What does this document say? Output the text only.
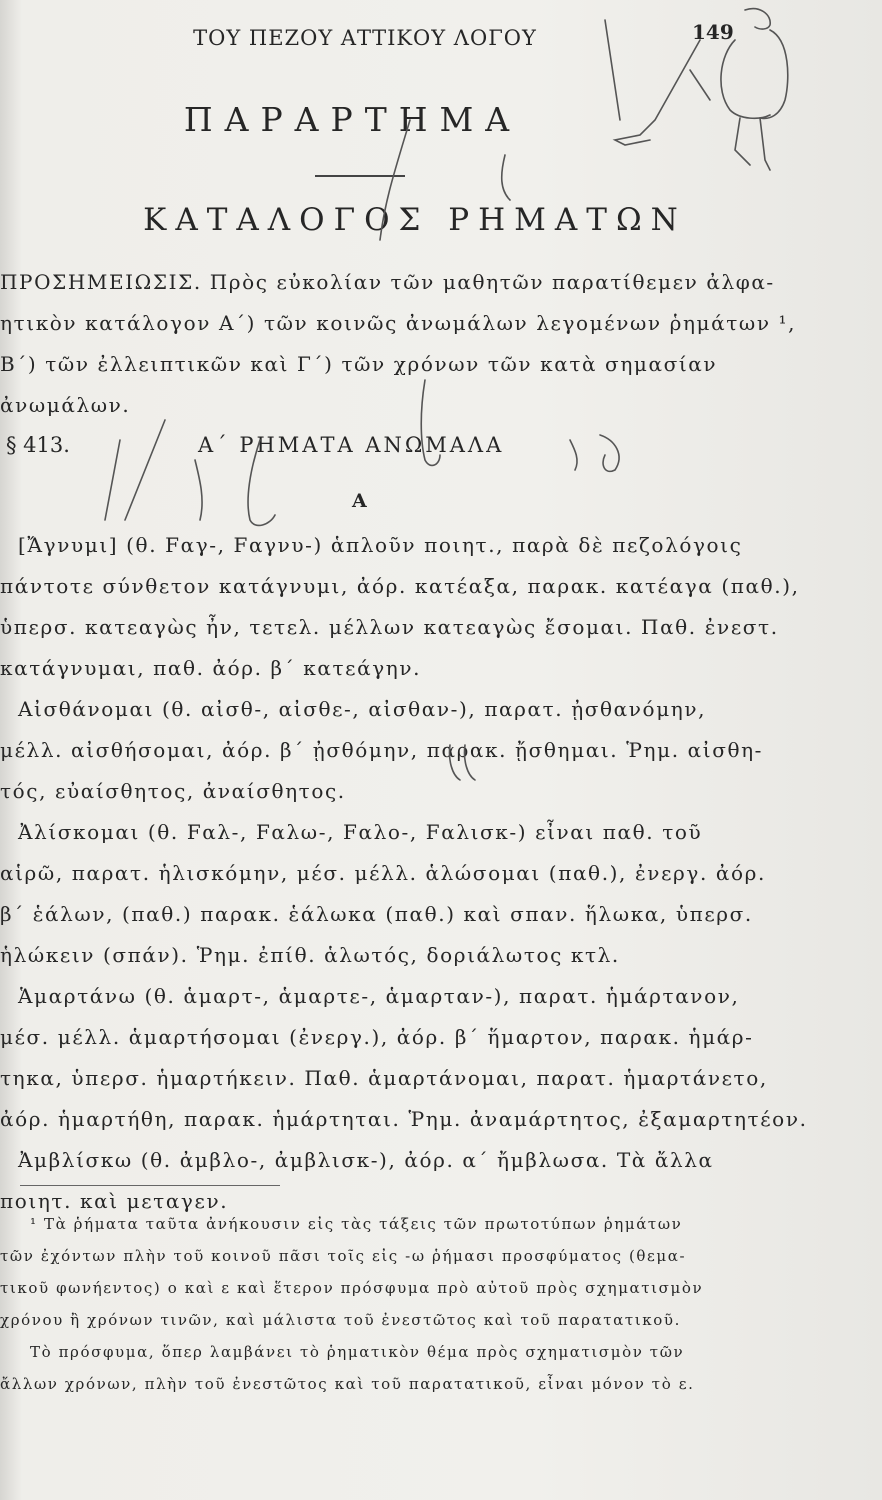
ΤΟΥ ΠΕΖΟΥ ΑΤΤΙΚΟΥ ΛΟΓΟΥ	149
ΠΑΡΑΡΤΗΜΑ
ΚΑΤΑΛΟΓΟΣ ΡΗΜΑΤΩΝ

ΠΡΟΣΗΜΕΙΩΣΙΣ. Πρὸς εὐκολίαν τῶν μαθητῶν παρατίθεμεν ἀλφα-

ητικὸν κατάλογον Α΄) τῶν κοινῶς ἀνωμάλων λεγομένων ῥημάτων ¹,

Β΄) τῶν ἐλλειπτικῶν καὶ Γ΄) τῶν χρόνων τῶν κατὰ σημασίαν

ἀνωμάλων.

§ 413.	Α΄ ΡΗΜΑΤΑ ΑΝΩΜΑΛΑ
Α

[Ἄγνυμι] (θ. Fαγ-, Fαγνυ-) ἁπλοῦν ποιητ., παρὰ δὲ πεζολόγοις

πάντοτε σύνθετον κατάγνυμι, ἀόρ. κατέαξα, παρακ. κατέαγα (παθ.),

ὑπερσ. κατεαγὼς ἦν, τετελ. μέλλων κατεαγὼς ἔσομαι. Παθ. ἐνεστ.

κατάγνυμαι, παθ. ἀόρ. β΄ κατεάγην.

Αἰσθάνομαι (θ. αἰσθ-, αἰσθε-, αἰσθαν-), παρατ. ᾐσθανόμην,

μέλλ. αἰσθήσομαι, ἀόρ. β΄ ᾐσθόμην, παρακ. ᾔσθημαι. Ῥημ. αἰσθη-

τός, εὐαίσθητος, ἀναίσθητος.

Ἀλίσκομαι (θ. Fαλ-, Fαλω-, Fαλο-, Fαλισκ-) εἶναι παθ. τοῦ

αἱρῶ, παρατ. ἡλισκόμην, μέσ. μέλλ. ἁλώσομαι (παθ.), ἐνεργ. ἀόρ.

β΄ ἑάλων, (παθ.) παρακ. ἑάλωκα (παθ.) καὶ σπαν. ἥλωκα, ὑπερσ.

ἡλώκειν (σπάν). Ῥημ. ἐπίθ. ἁλωτός, δοριάλωτος κτλ.

Ἁμαρτάνω (θ. ἁμαρτ-, ἁμαρτε-, ἁμαρταν-), παρατ. ἡμάρτανον,

μέσ. μέλλ. ἁμαρτήσομαι (ἐνεργ.), ἀόρ. β΄ ἥμαρτον, παρακ. ἡμάρ-

τηκα, ὑπερσ. ἡμαρτήκειν. Παθ. ἁμαρτάνομαι, παρατ. ἡμαρτάνετο,

ἀόρ. ἡμαρτήθη, παρακ. ἡμάρτηται. Ῥημ. ἀναμάρτητος, ἐξαμαρτητέον.

Ἀμβλίσκω (θ. ἀμβλο-, ἀμβλισκ-), ἀόρ. α΄ ἤμβλωσα. Τὰ ἄλλα

ποιητ. καὶ μεταγεν.

¹ Τὰ ῥήματα ταῦτα ἀνήκουσιν εἰς τὰς τάξεις τῶν πρωτοτύπων ῥημάτων

τῶν ἐχόντων πλὴν τοῦ κοινοῦ πᾶσι τοῖς εἰς -ω ῥήμασι προσφύματος (θεμα-

τικοῦ φωνήεντος) ο καὶ ε καὶ ἕτερον πρόσφυμα πρὸ αὐτοῦ πρὸς σχηματισμὸν

χρόνου ἢ χρόνων τινῶν, καὶ μάλιστα τοῦ ἐνεστῶτος καὶ τοῦ παρατατικοῦ.

Τὸ πρόσφυμα, ὅπερ λαμβάνει τὸ ῥηματικὸν θέμα πρὸς σχηματισμὸν τῶν

ἄλλων χρόνων, πλὴν τοῦ ἐνεστῶτος καὶ τοῦ παρατατικοῦ, εἶναι μόνον τὸ ε.
